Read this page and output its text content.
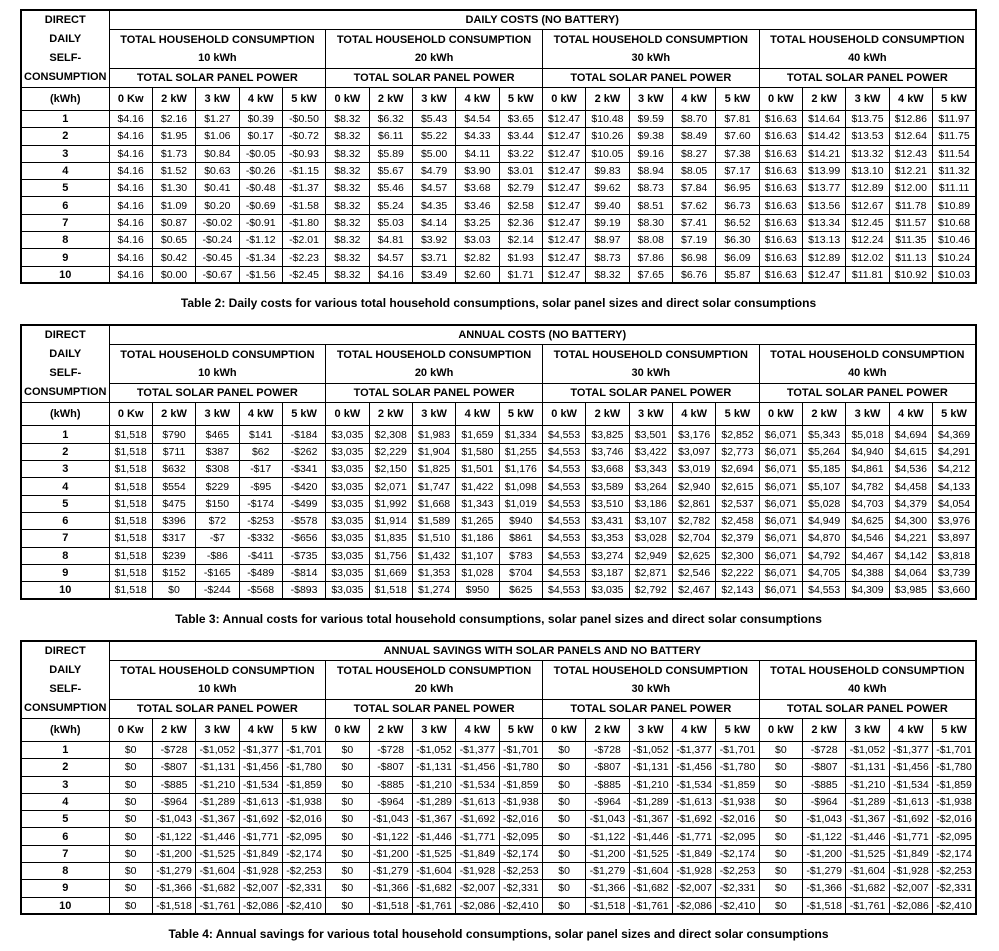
DIRECT
DAILY
SELF-
CONSUMPTION	DAILY COSTS (NO BATTERY)																			

TOTAL HOUSEHOLD CONSUMPTION
10 kWh

TOTAL HOUSEHOLD CONSUMPTION
20 kWh

TOTAL HOUSEHOLD CONSUMPTION
30 kWh

TOTAL HOUSEHOLD CONSUMPTION
40 kWh

	TOTAL SOLAR PANEL POWER					TOTAL SOLAR PANEL POWER					TOTAL SOLAR PANEL POWER					TOTAL SOLAR PANEL POWER				
(kWh)	0 Kw	2 kW	3 kW	4 kW	5 kW	0 kW	2 kW	3 kW	4 kW	5 kW	0 kW	2 kW	3 kW	4 kW	5 kW	0 kW	2 kW	3 kW	4 kW	5 kW
1	$4.16	$2.16	$1.27	$0.39	-$0.50	$8.32	$6.32	$5.43	$4.54	$3.65	$12.47	$10.48	$9.59	$8.70	$7.81	$16.63	$14.64	$13.75	$12.86	$11.97
2	$4.16	$1.95	$1.06	$0.17	-$0.72	$8.32	$6.11	$5.22	$4.33	$3.44	$12.47	$10.26	$9.38	$8.49	$7.60	$16.63	$14.42	$13.53	$12.64	$11.75
3	$4.16	$1.73	$0.84	-$0.05	-$0.93	$8.32	$5.89	$5.00	$4.11	$3.22	$12.47	$10.05	$9.16	$8.27	$7.38	$16.63	$14.21	$13.32	$12.43	$11.54
4	$4.16	$1.52	$0.63	-$0.26	-$1.15	$8.32	$5.67	$4.79	$3.90	$3.01	$12.47	$9.83	$8.94	$8.05	$7.17	$16.63	$13.99	$13.10	$12.21	$11.32
5	$4.16	$1.30	$0.41	-$0.48	-$1.37	$8.32	$5.46	$4.57	$3.68	$2.79	$12.47	$9.62	$8.73	$7.84	$6.95	$16.63	$13.77	$12.89	$12.00	$11.11
6	$4.16	$1.09	$0.20	-$0.69	-$1.58	$8.32	$5.24	$4.35	$3.46	$2.58	$12.47	$9.40	$8.51	$7.62	$6.73	$16.63	$13.56	$12.67	$11.78	$10.89
7	$4.16	$0.87	-$0.02	-$0.91	-$1.80	$8.32	$5.03	$4.14	$3.25	$2.36	$12.47	$9.19	$8.30	$7.41	$6.52	$16.63	$13.34	$12.45	$11.57	$10.68
8	$4.16	$0.65	-$0.24	-$1.12	-$2.01	$8.32	$4.81	$3.92	$3.03	$2.14	$12.47	$8.97	$8.08	$7.19	$6.30	$16.63	$13.13	$12.24	$11.35	$10.46
9	$4.16	$0.42	-$0.45	-$1.34	-$2.23	$8.32	$4.57	$3.71	$2.82	$1.93	$12.47	$8.73	$7.86	$6.98	$6.09	$16.63	$12.89	$12.02	$11.13	$10.24
10	$4.16	$0.00	-$0.67	-$1.56	-$2.45	$8.32	$4.16	$3.49	$2.60	$1.71	$12.47	$8.32	$7.65	$6.76	$5.87	$16.63	$12.47	$11.81	$10.92	$10.03

Table 2: Daily costs for various total household consumptions, solar panel sizes and direct solar consumptions

DIRECT
DAILY
SELF-
CONSUMPTION	ANNUAL COSTS (NO BATTERY)																			

TOTAL HOUSEHOLD CONSUMPTION
10 kWh

TOTAL HOUSEHOLD CONSUMPTION
20 kWh

TOTAL HOUSEHOLD CONSUMPTION
30 kWh

TOTAL HOUSEHOLD CONSUMPTION
40 kWh

	TOTAL SOLAR PANEL POWER					TOTAL SOLAR PANEL POWER					TOTAL SOLAR PANEL POWER					TOTAL SOLAR PANEL POWER				
(kWh)	0 Kw	2 kW	3 kW	4 kW	5 kW	0 kW	2 kW	3 kW	4 kW	5 kW	0 kW	2 kW	3 kW	4 kW	5 kW	0 kW	2 kW	3 kW	4 kW	5 kW
1	$1,518	$790	$465	$141	-$184	$3,035	$2,308	$1,983	$1,659	$1,334	$4,553	$3,825	$3,501	$3,176	$2,852	$6,071	$5,343	$5,018	$4,694	$4,369
2	$1,518	$711	$387	$62	-$262	$3,035	$2,229	$1,904	$1,580	$1,255	$4,553	$3,746	$3,422	$3,097	$2,773	$6,071	$5,264	$4,940	$4,615	$4,291
3	$1,518	$632	$308	-$17	-$341	$3,035	$2,150	$1,825	$1,501	$1,176	$4,553	$3,668	$3,343	$3,019	$2,694	$6,071	$5,185	$4,861	$4,536	$4,212
4	$1,518	$554	$229	-$95	-$420	$3,035	$2,071	$1,747	$1,422	$1,098	$4,553	$3,589	$3,264	$2,940	$2,615	$6,071	$5,107	$4,782	$4,458	$4,133
5	$1,518	$475	$150	-$174	-$499	$3,035	$1,992	$1,668	$1,343	$1,019	$4,553	$3,510	$3,186	$2,861	$2,537	$6,071	$5,028	$4,703	$4,379	$4,054
6	$1,518	$396	$72	-$253	-$578	$3,035	$1,914	$1,589	$1,265	$940	$4,553	$3,431	$3,107	$2,782	$2,458	$6,071	$4,949	$4,625	$4,300	$3,976
7	$1,518	$317	-$7	-$332	-$656	$3,035	$1,835	$1,510	$1,186	$861	$4,553	$3,353	$3,028	$2,704	$2,379	$6,071	$4,870	$4,546	$4,221	$3,897
8	$1,518	$239	-$86	-$411	-$735	$3,035	$1,756	$1,432	$1,107	$783	$4,553	$3,274	$2,949	$2,625	$2,300	$6,071	$4,792	$4,467	$4,142	$3,818
9	$1,518	$152	-$165	-$489	-$814	$3,035	$1,669	$1,353	$1,028	$704	$4,553	$3,187	$2,871	$2,546	$2,222	$6,071	$4,705	$4,388	$4,064	$3,739
10	$1,518	$0	-$244	-$568	-$893	$3,035	$1,518	$1,274	$950	$625	$4,553	$3,035	$2,792	$2,467	$2,143	$6,071	$4,553	$4,309	$3,985	$3,660

Table 3: Annual costs for various total household consumptions, solar panel sizes and direct solar consumptions

DIRECT
DAILY
SELF-
CONSUMPTION	ANNUAL SAVINGS WITH SOLAR PANELS AND NO BATTERY																			

TOTAL HOUSEHOLD CONSUMPTION
10 kWh

TOTAL HOUSEHOLD CONSUMPTION
20 kWh

TOTAL HOUSEHOLD CONSUMPTION
30 kWh

TOTAL HOUSEHOLD CONSUMPTION
40 kWh

	TOTAL SOLAR PANEL POWER					TOTAL SOLAR PANEL POWER					TOTAL SOLAR PANEL POWER					TOTAL SOLAR PANEL POWER				
(kWh)	0 Kw	2 kW	3 kW	4 kW	5 kW	0 kW	2 kW	3 kW	4 kW	5 kW	0 kW	2 kW	3 kW	4 kW	5 kW	0 kW	2 kW	3 kW	4 kW	5 kW
1	$0	-$728	-$1,052	-$1,377	-$1,701	$0	-$728	-$1,052	-$1,377	-$1,701	$0	-$728	-$1,052	-$1,377	-$1,701	$0	-$728	-$1,052	-$1,377	-$1,701
2	$0	-$807	-$1,131	-$1,456	-$1,780	$0	-$807	-$1,131	-$1,456	-$1,780	$0	-$807	-$1,131	-$1,456	-$1,780	$0	-$807	-$1,131	-$1,456	-$1,780
3	$0	-$885	-$1,210	-$1,534	-$1,859	$0	-$885	-$1,210	-$1,534	-$1,859	$0	-$885	-$1,210	-$1,534	-$1,859	$0	-$885	-$1,210	-$1,534	-$1,859
4	$0	-$964	-$1,289	-$1,613	-$1,938	$0	-$964	-$1,289	-$1,613	-$1,938	$0	-$964	-$1,289	-$1,613	-$1,938	$0	-$964	-$1,289	-$1,613	-$1,938
5	$0	-$1,043	-$1,367	-$1,692	-$2,016	$0	-$1,043	-$1,367	-$1,692	-$2,016	$0	-$1,043	-$1,367	-$1,692	-$2,016	$0	-$1,043	-$1,367	-$1,692	-$2,016
6	$0	-$1,122	-$1,446	-$1,771	-$2,095	$0	-$1,122	-$1,446	-$1,771	-$2,095	$0	-$1,122	-$1,446	-$1,771	-$2,095	$0	-$1,122	-$1,446	-$1,771	-$2,095
7	$0	-$1,200	-$1,525	-$1,849	-$2,174	$0	-$1,200	-$1,525	-$1,849	-$2,174	$0	-$1,200	-$1,525	-$1,849	-$2,174	$0	-$1,200	-$1,525	-$1,849	-$2,174
8	$0	-$1,279	-$1,604	-$1,928	-$2,253	$0	-$1,279	-$1,604	-$1,928	-$2,253	$0	-$1,279	-$1,604	-$1,928	-$2,253	$0	-$1,279	-$1,604	-$1,928	-$2,253
9	$0	-$1,366	-$1,682	-$2,007	-$2,331	$0	-$1,366	-$1,682	-$2,007	-$2,331	$0	-$1,366	-$1,682	-$2,007	-$2,331	$0	-$1,366	-$1,682	-$2,007	-$2,331
10	$0	-$1,518	-$1,761	-$2,086	-$2,410	$0	-$1,518	-$1,761	-$2,086	-$2,410	$0	-$1,518	-$1,761	-$2,086	-$2,410	$0	-$1,518	-$1,761	-$2,086	-$2,410

Table 4: Annual savings for various total household consumptions, solar panel sizes and direct solar consumptions
